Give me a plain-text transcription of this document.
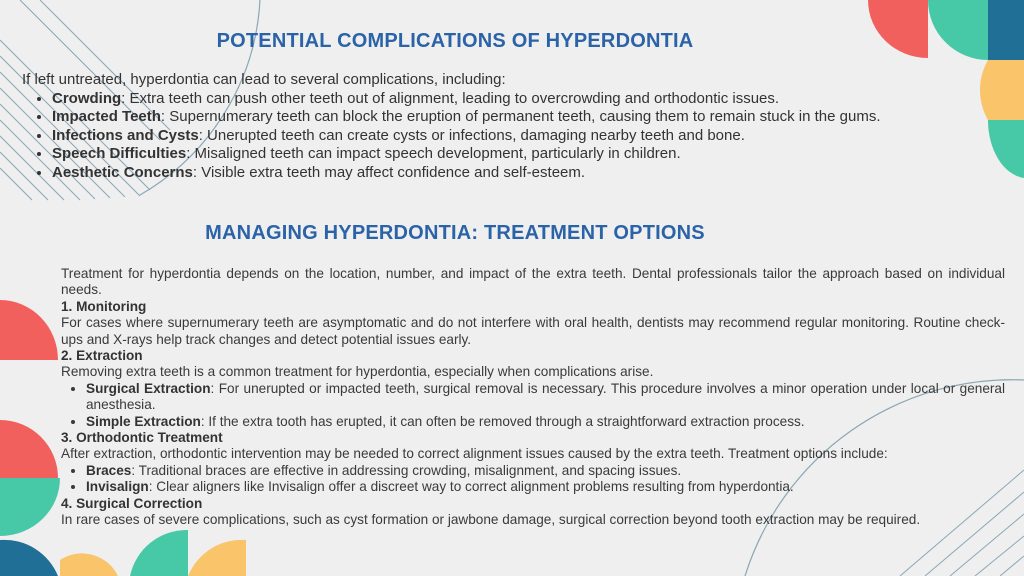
POTENTIAL COMPLICATIONS OF HYPERDONTIA
If left untreated, hyperdontia can lead to several complications, including:
• Crowding: Extra teeth can push other teeth out of alignment, leading to overcrowding and orthodontic issues.
• Impacted Teeth: Supernumerary teeth can block the eruption of permanent teeth, causing them to remain stuck in the gums.
• Infections and Cysts: Unerupted teeth can create cysts or infections, damaging nearby teeth and bone.
• Speech Difficulties: Misaligned teeth can impact speech development, particularly in children.
• Aesthetic Concerns: Visible extra teeth may affect confidence and self-esteem.
MANAGING HYPERDONTIA: TREATMENT OPTIONS

Treatment for hyperdontia depends on the location, number, and impact of the extra teeth. Dental professionals tailor the approach based on individual needs.

1. Monitoring

For cases where supernumerary teeth are asymptomatic and do not interfere with oral health, dentists may recommend regular monitoring. Routine check-ups and X-rays help track changes and detect potential issues early.

2. Extraction

Removing extra teeth is a common treatment for hyperdontia, especially when complications arise.

• Surgical Extraction: For unerupted or impacted teeth, surgical removal is necessary. This procedure involves a minor operation under local or general anesthesia.
• Simple Extraction: If the extra tooth has erupted, it can often be removed through a straightforward extraction process.

3. Orthodontic Treatment

After extraction, orthodontic intervention may be needed to correct alignment issues caused by the extra teeth. Treatment options include:

• Braces: Traditional braces are effective in addressing crowding, misalignment, and spacing issues.
• Invisalign: Clear aligners like Invisalign offer a discreet way to correct alignment problems resulting from hyperdontia.

4. Surgical Correction

In rare cases of severe complications, such as cyst formation or jawbone damage, surgical correction beyond tooth extraction may be required.
